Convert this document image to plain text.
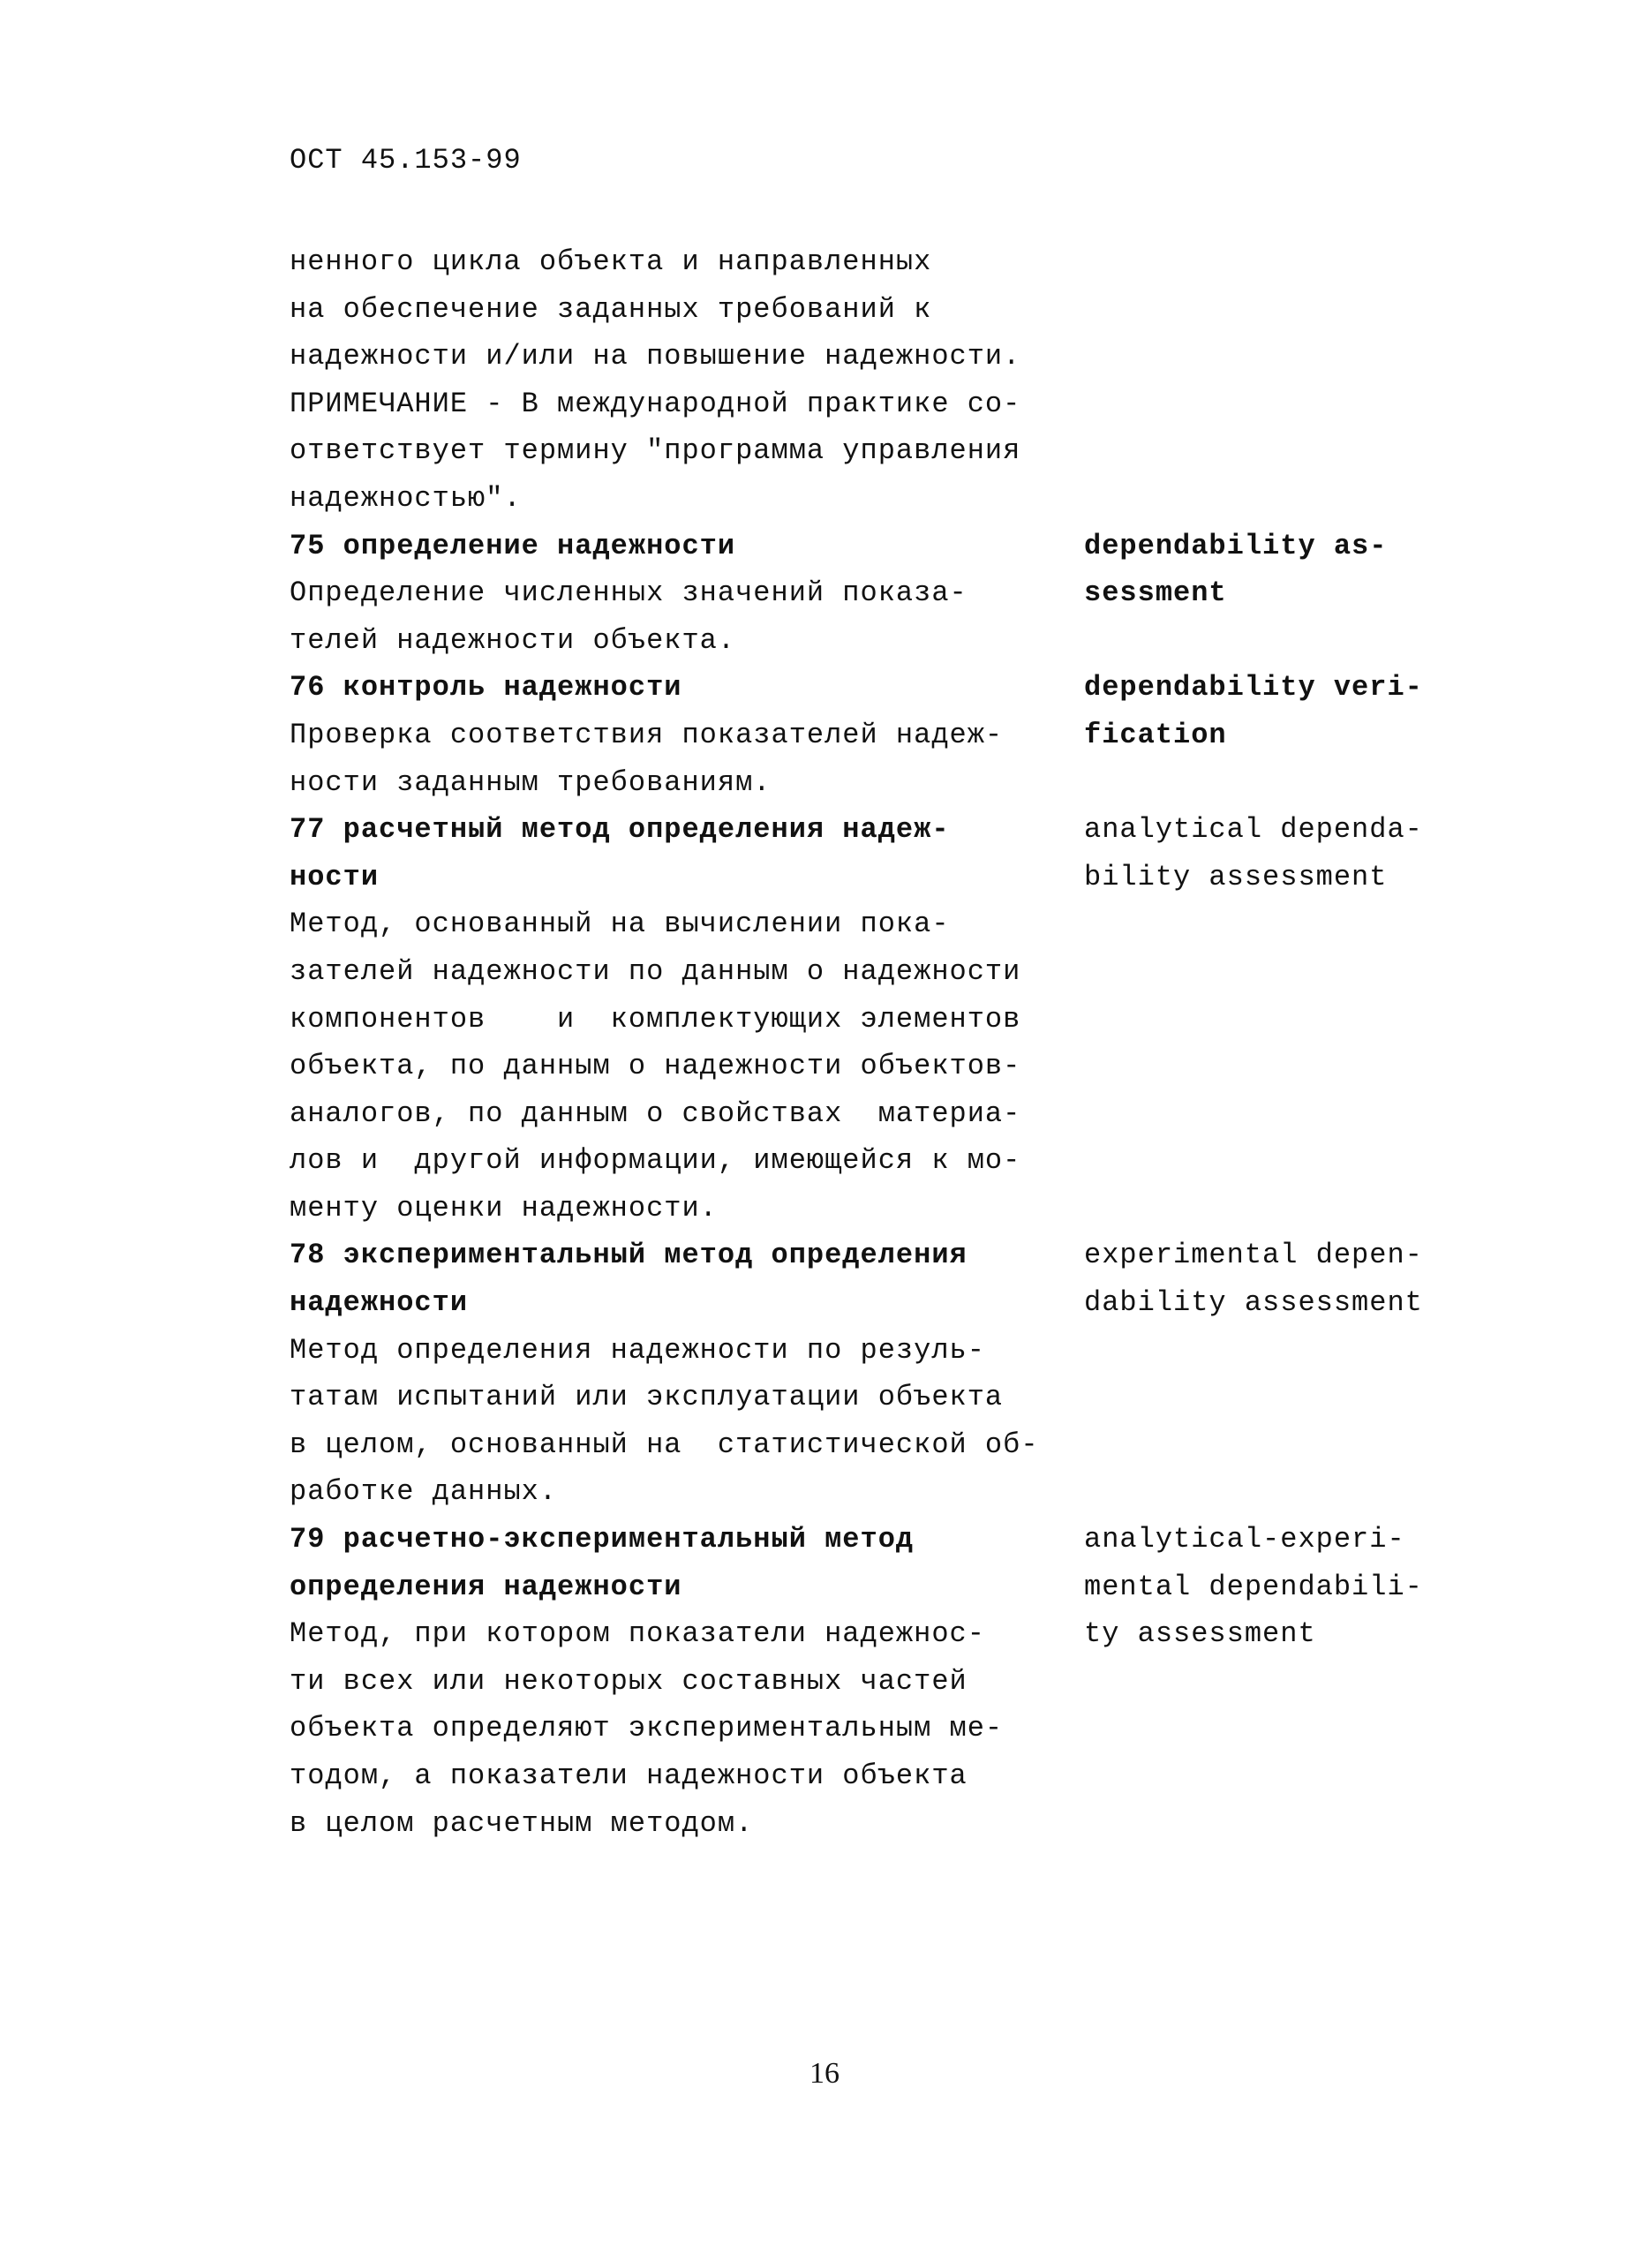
ОСТ 45.153-99
ненного цикла объекта и направленных
на обеспечение заданных требований к
надежности и/или на повышение надежности.
ПРИМЕЧАНИЕ - В международной практике со-
ответствует термину "программа управления
надежностью".
75 определение надежности
Определение численных значений показа-
телей надежности объекта.
dependability as-
sessment
76 контроль надежности
Проверка соответствия показателей надеж-
ности заданным требованиям.
dependability veri-
fication
77 расчетный метод определения надеж-
ности
Метод, основанный на вычислении пока-
зателей надежности по данным о надежности
компонентов    и  комплектующих элементов
объекта, по данным о надежности объектов-
аналогов, по данным о свойствах  материа-
лов и  другой информации, имеющейся к мо-
менту оценки надежности.
analytical dependa-
bility assessment
78 экспериментальный метод определения
надежности
Метод определения надежности по резуль-
татам испытаний или эксплуатации объекта
в целом, основанный на  статистической об-
работке данных.
experimental depen-
dability assessment
79 расчетно-экспериментальный метод
определения надежности
Метод, при котором показатели надежнос-
ти всех или некоторых составных частей
объекта определяют экспериментальным ме-
тодом, а показатели надежности объекта
в целом расчетным методом.
analytical-experi-
mental dependabili-
ty assessment
16
